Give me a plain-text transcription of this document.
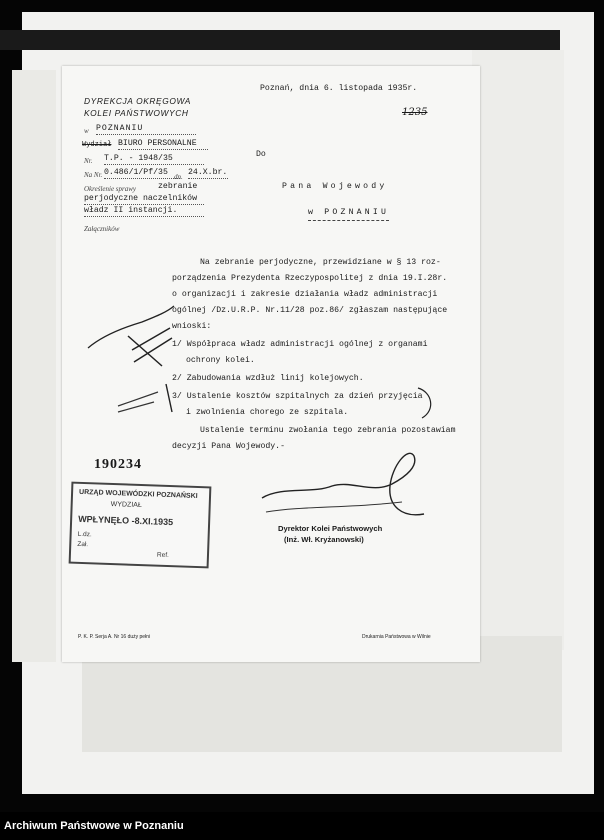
Poznań, dnia 6. listopada 1935r.
1235
DYREKCJA OKRĘGOWA
KOLEI PAŃSTWOWYCH
w POZNANIU
Wydział BIURO PERSONALNE
Nr. T.P. - 1948/35
Na Nr. 0.486/1/Pf/35 dn. 24.X.br.
Określenie sprawy	zebranie
perjodyczne naczelników
władz II instancji.
Załączników
Do
Pana Wojewody
w POZNANIU
Na zebranie perjodyczne, przewidziane w § 13 roz-
porządzenia Prezydenta Rzeczypospolitej z dnia 19.I.28r.
o organizacji i zakresie działania władz administracji
ogólnej /Dz.U.R.P. Nr.11/28 poz.86/ zgłaszam następujące
wnioski:
1/ Współpraca władz administracji ogólnej z organami
ochrony kolei.
2/ Zabudowania wzdłuż linij kolejowych.
3/ Ustalenie kosztów szpitalnych za dzień przyjęcia
i zwolnienia chorego ze szpitala.
Ustalenie terminu zwołania tego zebrania pozostawiam
decyzji Pana Wojewody.-
190234
URZĄD WOJEWÓDZKI POZNAŃSKI
WYDZIAŁ
WPŁYNĘŁO -8.XI.1935
L.dz.
Zał.
Ref.
Dyrektor Kolei Państwowych
(Inż. Wł. Kryżanowski)
P. K. P. Serja A. Nr 16 duży pełni	Drukarnia Państwowa w Wilnie
Archiwum Państwowe w Poznaniu
